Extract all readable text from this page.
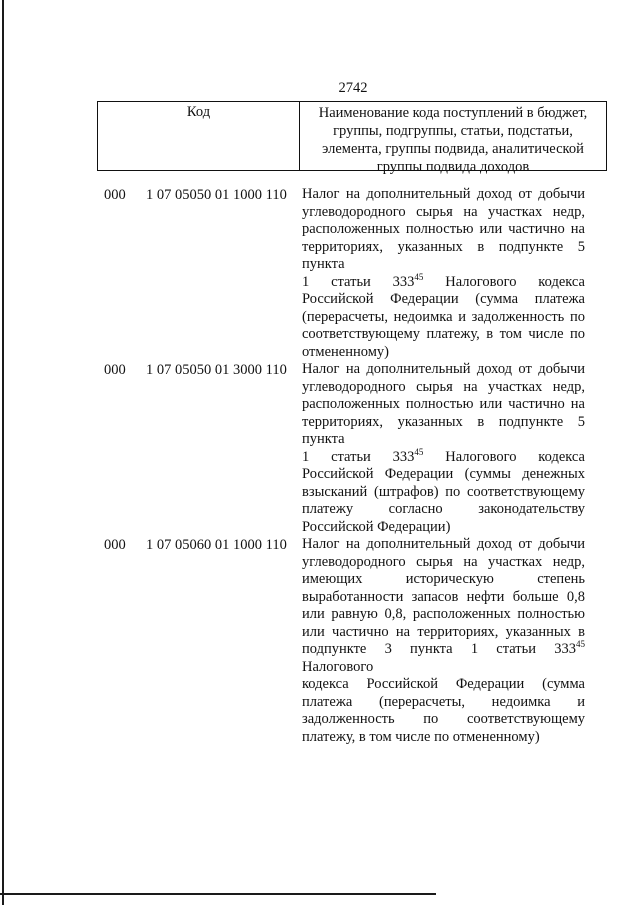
2742
Код	Наименование кода поступлений в бюджет,
группы, подгруппы, статьи, подстатьи,
элемента, группы подвида, аналитической
группы подвида доходов
000 1 07 05050 01 1000 110 Налог на дополнительный доход от добычи
углеводородного сырья на участках недр,
расположенных полностью или частично на
территориях, указанных в подпункте 5 пункта
1 статьи $333^{45}$ Налогового кодекса
Российской Федерации (сумма платежа
(перерасчеты, недоимка и задолженность по
соответствующему платежу, в том числе по
отмененному)
000 1 07 05050 01 3000 110 Налог на дополнительный доход от добычи
углеводородного сырья на участках недр,
расположенных полностью или частично на
территориях, указанных в подпункте 5 пункта
1 статьи $333^{45}$ Налогового кодекса
Российской Федерации (суммы денежных
взысканий (штрафов) по соответствующему
платежу согласно законодательству
Российской Федерации)
000 1 07 05060 01 1000 110 Налог на дополнительный доход от добычи
углеводородного сырья на участках недр,
имеющих историческую степень
выработанности запасов нефти больше 0,8
или равную 0,8, расположенных полностью
или частично на территориях, указанных в
подпункте 3 пункта 1 статьи $333^{45}$ Налогового
кодекса Российской Федерации (сумма
платежа (перерасчеты, недоимка и
задолженность по соответствующему
платежу, в том числе по отмененному)
